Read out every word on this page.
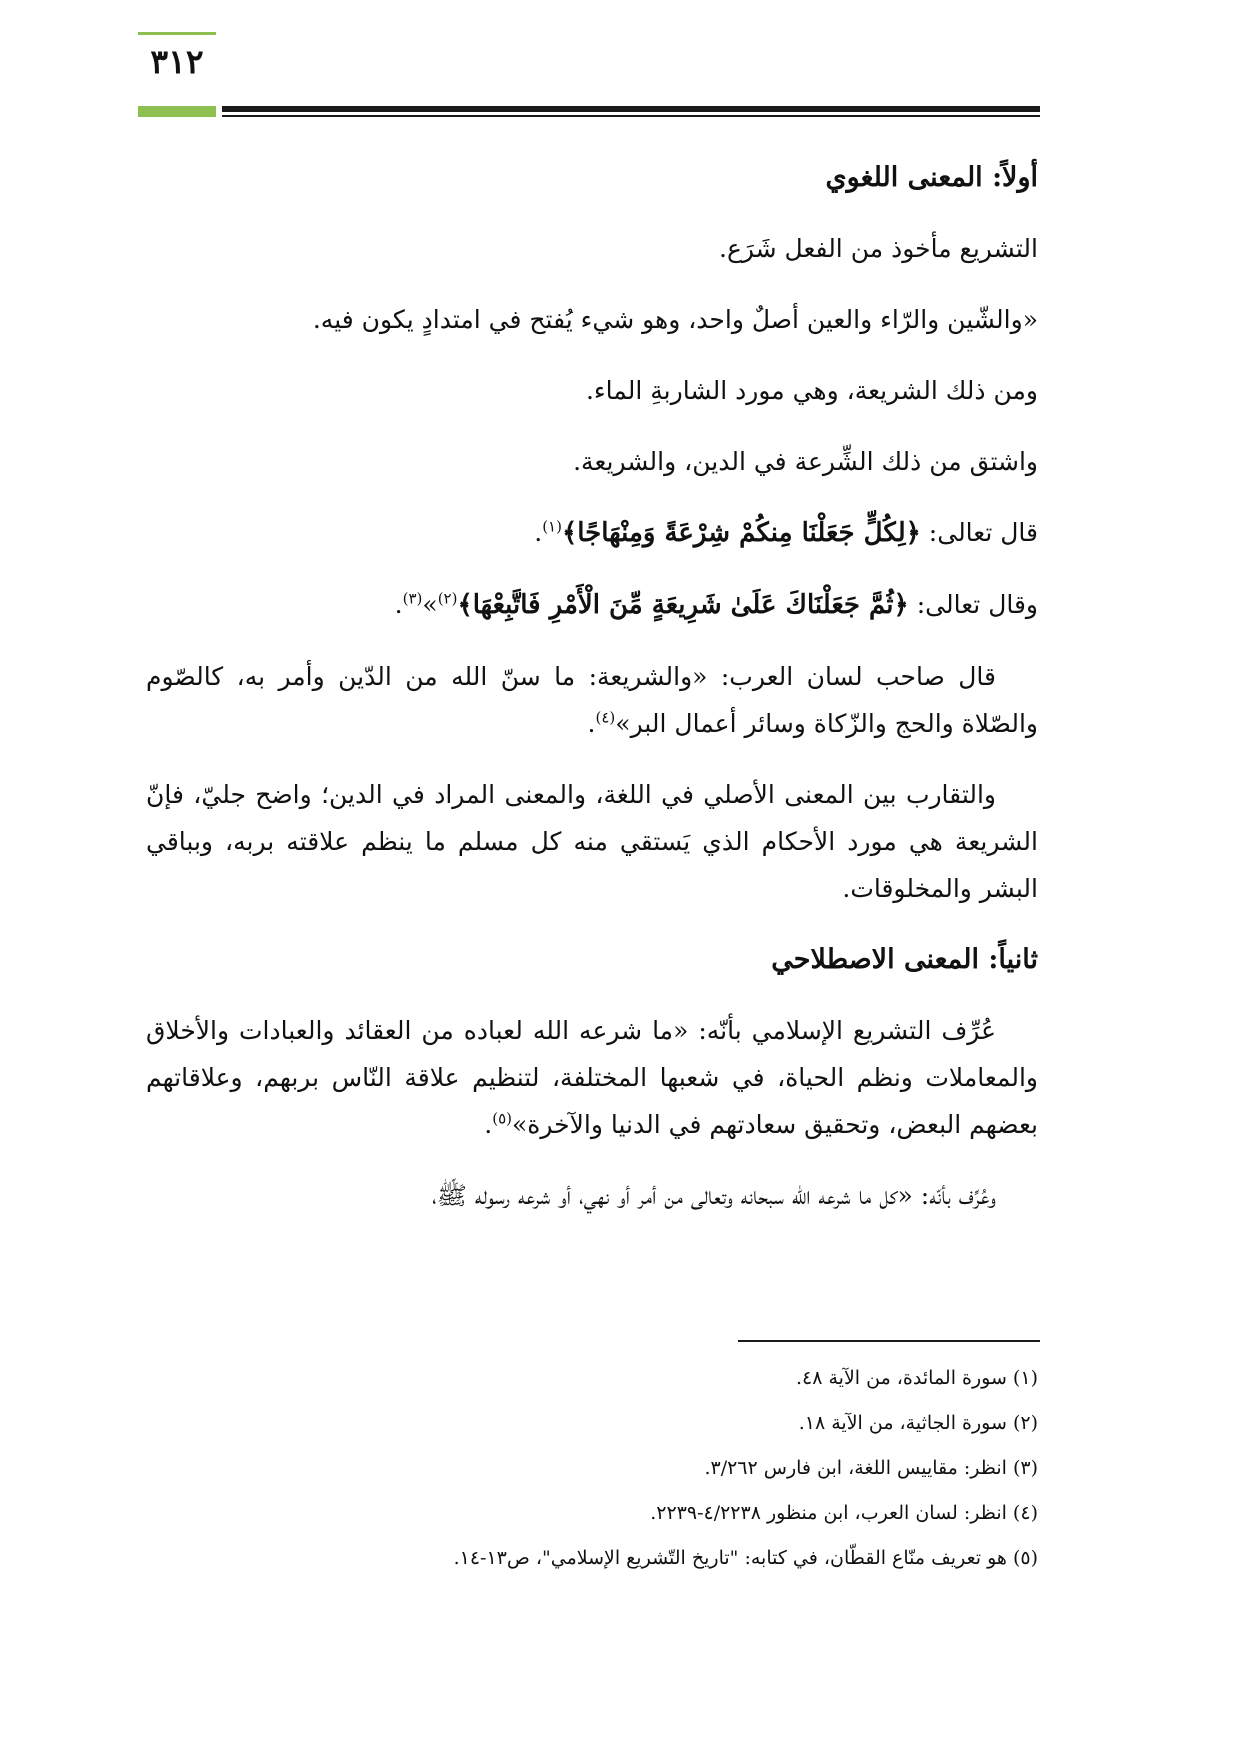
٣١٢
أولاً: المعنى اللغوي

التشريع مأخوذ من الفعل شَرَع.

«والشّين والرّاء والعين أصلٌ واحد، وهو شيء يُفتح في امتدادٍ يكون فيه.

ومن ذلك الشريعة، وهي مورد الشاربةِ الماء.

واشتق من ذلك الشِّرعة في الدين، والشريعة.

قال تعالى: ﴿لِكُلٍّ جَعَلْنَا مِنكُمْ شِرْعَةً وَمِنْهَاجًا﴾$^{(١)}$.

وقال تعالى: ﴿ثُمَّ جَعَلْنَاكَ عَلَىٰ شَرِيعَةٍ مِّنَ الْأَمْرِ فَاتَّبِعْهَا﴾$^{(٢)}$»$^{(٣)}$.

قال صاحب لسان العرب: «والشريعة: ما سنّ الله من الدّين وأمر به، كالصّوم والصّلاة والحج والزّكاة وسائر أعمال البر»$^{(٤)}$.

والتقارب بين المعنى الأصلي في اللغة، والمعنى المراد في الدين؛ واضح جليّ، فإنّ الشريعة هي مورد الأحكام الذي يَستقي منه كل مسلم ما ينظم علاقته بربه، وبباقي البشر والمخلوقات.

ثانياً: المعنى الاصطلاحي

عُرِّف التشريع الإسلامي بأنّه: «ما شرعه الله لعباده من العقائد والعبادات والأخلاق والمعاملات ونظم الحياة، في شعبها المختلفة، لتنظيم علاقة النّاس بربهم، وعلاقاتهم بعضهم البعض، وتحقيق سعادتهم في الدنيا والآخرة»$^{(٥)}$.

وعُرِّف بأنّه: «كل ما شرعه الله سبحانه وتعالى من أمر أو نهي، أو شرعه رسوله ﷺ،

(١) سورة المائدة، من الآية ٤٨.

(٢) سورة الجاثية، من الآية ١٨.

(٣) انظر: مقاييس اللغة، ابن فارس ٣/٢٦٢.

(٤) انظر: لسان العرب، ابن منظور ٤/٢٢٣٨-٢٢٣٩.

(٥) هو تعريف منّاع القطّان، في كتابه: "تاريخ التّشريع الإسلامي"، ص١٣-١٤.
